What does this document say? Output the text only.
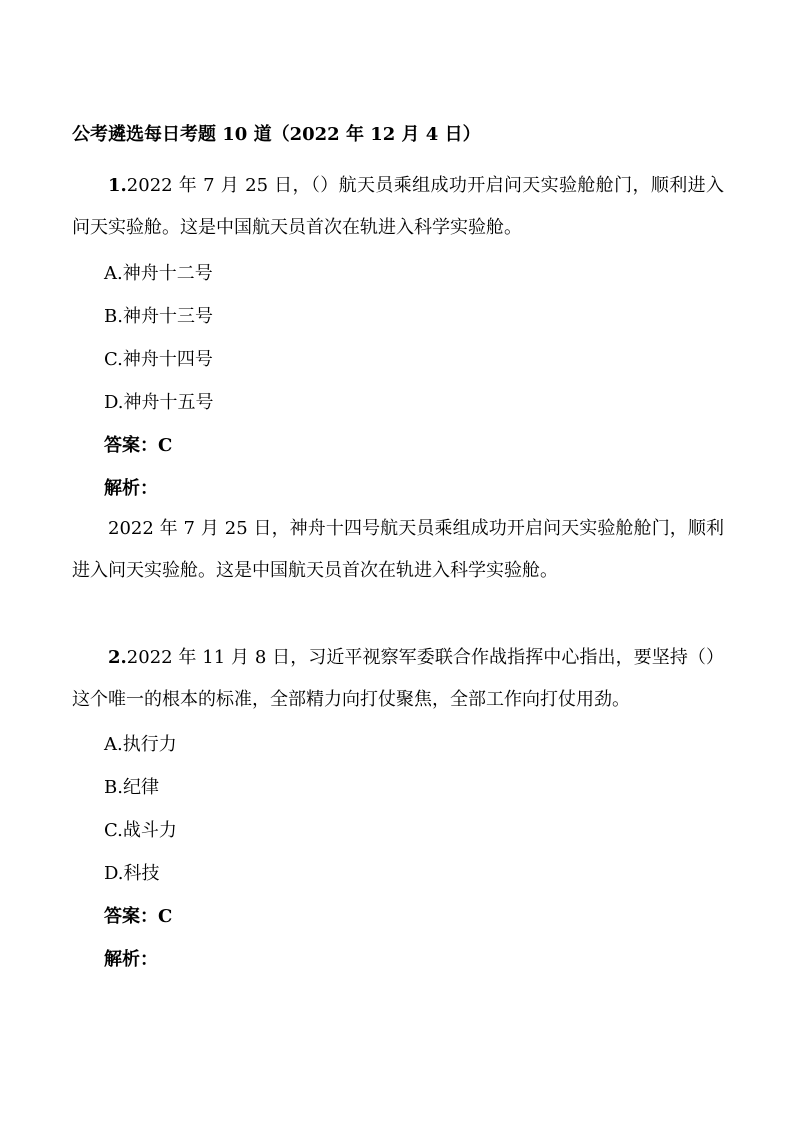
公考遴选每日考题 10 道（2022 年 12 月 4 日）
1.2022 年 7 月 25 日，（）航天员乘组成功开启问天实验舱舱门，顺利进入问天实验舱。这是中国航天员首次在轨进入科学实验舱。
A.神舟十二号
B.神舟十三号
C.神舟十四号
D.神舟十五号
答案：C
解析：
2022 年 7 月 25 日，神舟十四号航天员乘组成功开启问天实验舱舱门，顺利进入问天实验舱。这是中国航天员首次在轨进入科学实验舱。
2.2022 年 11 月 8 日，习近平视察军委联合作战指挥中心指出，要坚持（）这个唯一的根本的标准，全部精力向打仗聚焦，全部工作向打仗用劲。
A.执行力
B.纪律
C.战斗力
D.科技
答案：C
解析：
